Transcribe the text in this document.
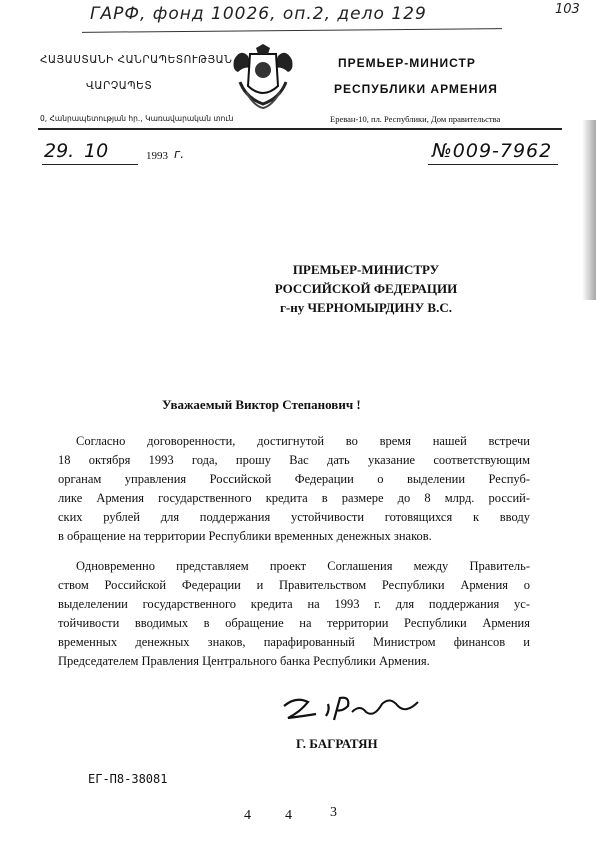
ГАРФ, фонд 10026, оп.2, дело 129	103
ՀԱՅԱՍՏԱՆԻ ՀԱՆՐԱՊԵՏՈՒԹՅԱՆ
ՎԱՐՉԱՊԵՏ
ПРЕМЬЕР-МИНИСТР
РЕСПУБЛИКИ АРМЕНИЯ
0, Հանրապետության հր., Կառավարական տուն	Ереван-10, пл. Республики, Дом правительства
29. 10	1993 г.	№009-7962
ПРЕМЬЕР-МИНИСТРУ
РОССИЙСКОЙ ФЕДЕРАЦИИ
г-ну ЧЕРНОМЫРДИНУ В.С.
Уважаемый Виктор Степанович !
Согласно договоренности, достигнутой во время нашей встречи
18 октября 1993 года, прошу Вас дать указание соответствующим
органам управления Российской Федерации о выделении Респуб-
лике Армения государственного кредита в размере до 8 млрд. россий-
ских рублей для поддержания устойчивости готовящихся к вводу
в обращение на территории Республики временных денежных знаков.
Одновременно представляем проект Соглашения между Правитель-
ством Российской Федерации и Правительством Республики Армения о
выделелении государственного кредита на 1993 г. для поддержания ус-
тойчивости вводимых в обращение на территории Республики Армения
временных денежных знаков, парафированный Министром финансов и
Председателем Правления Центрального банка Республики Армения.
Г. БАГРАТЯН
ЕГ-П8-38081
4 4	3
